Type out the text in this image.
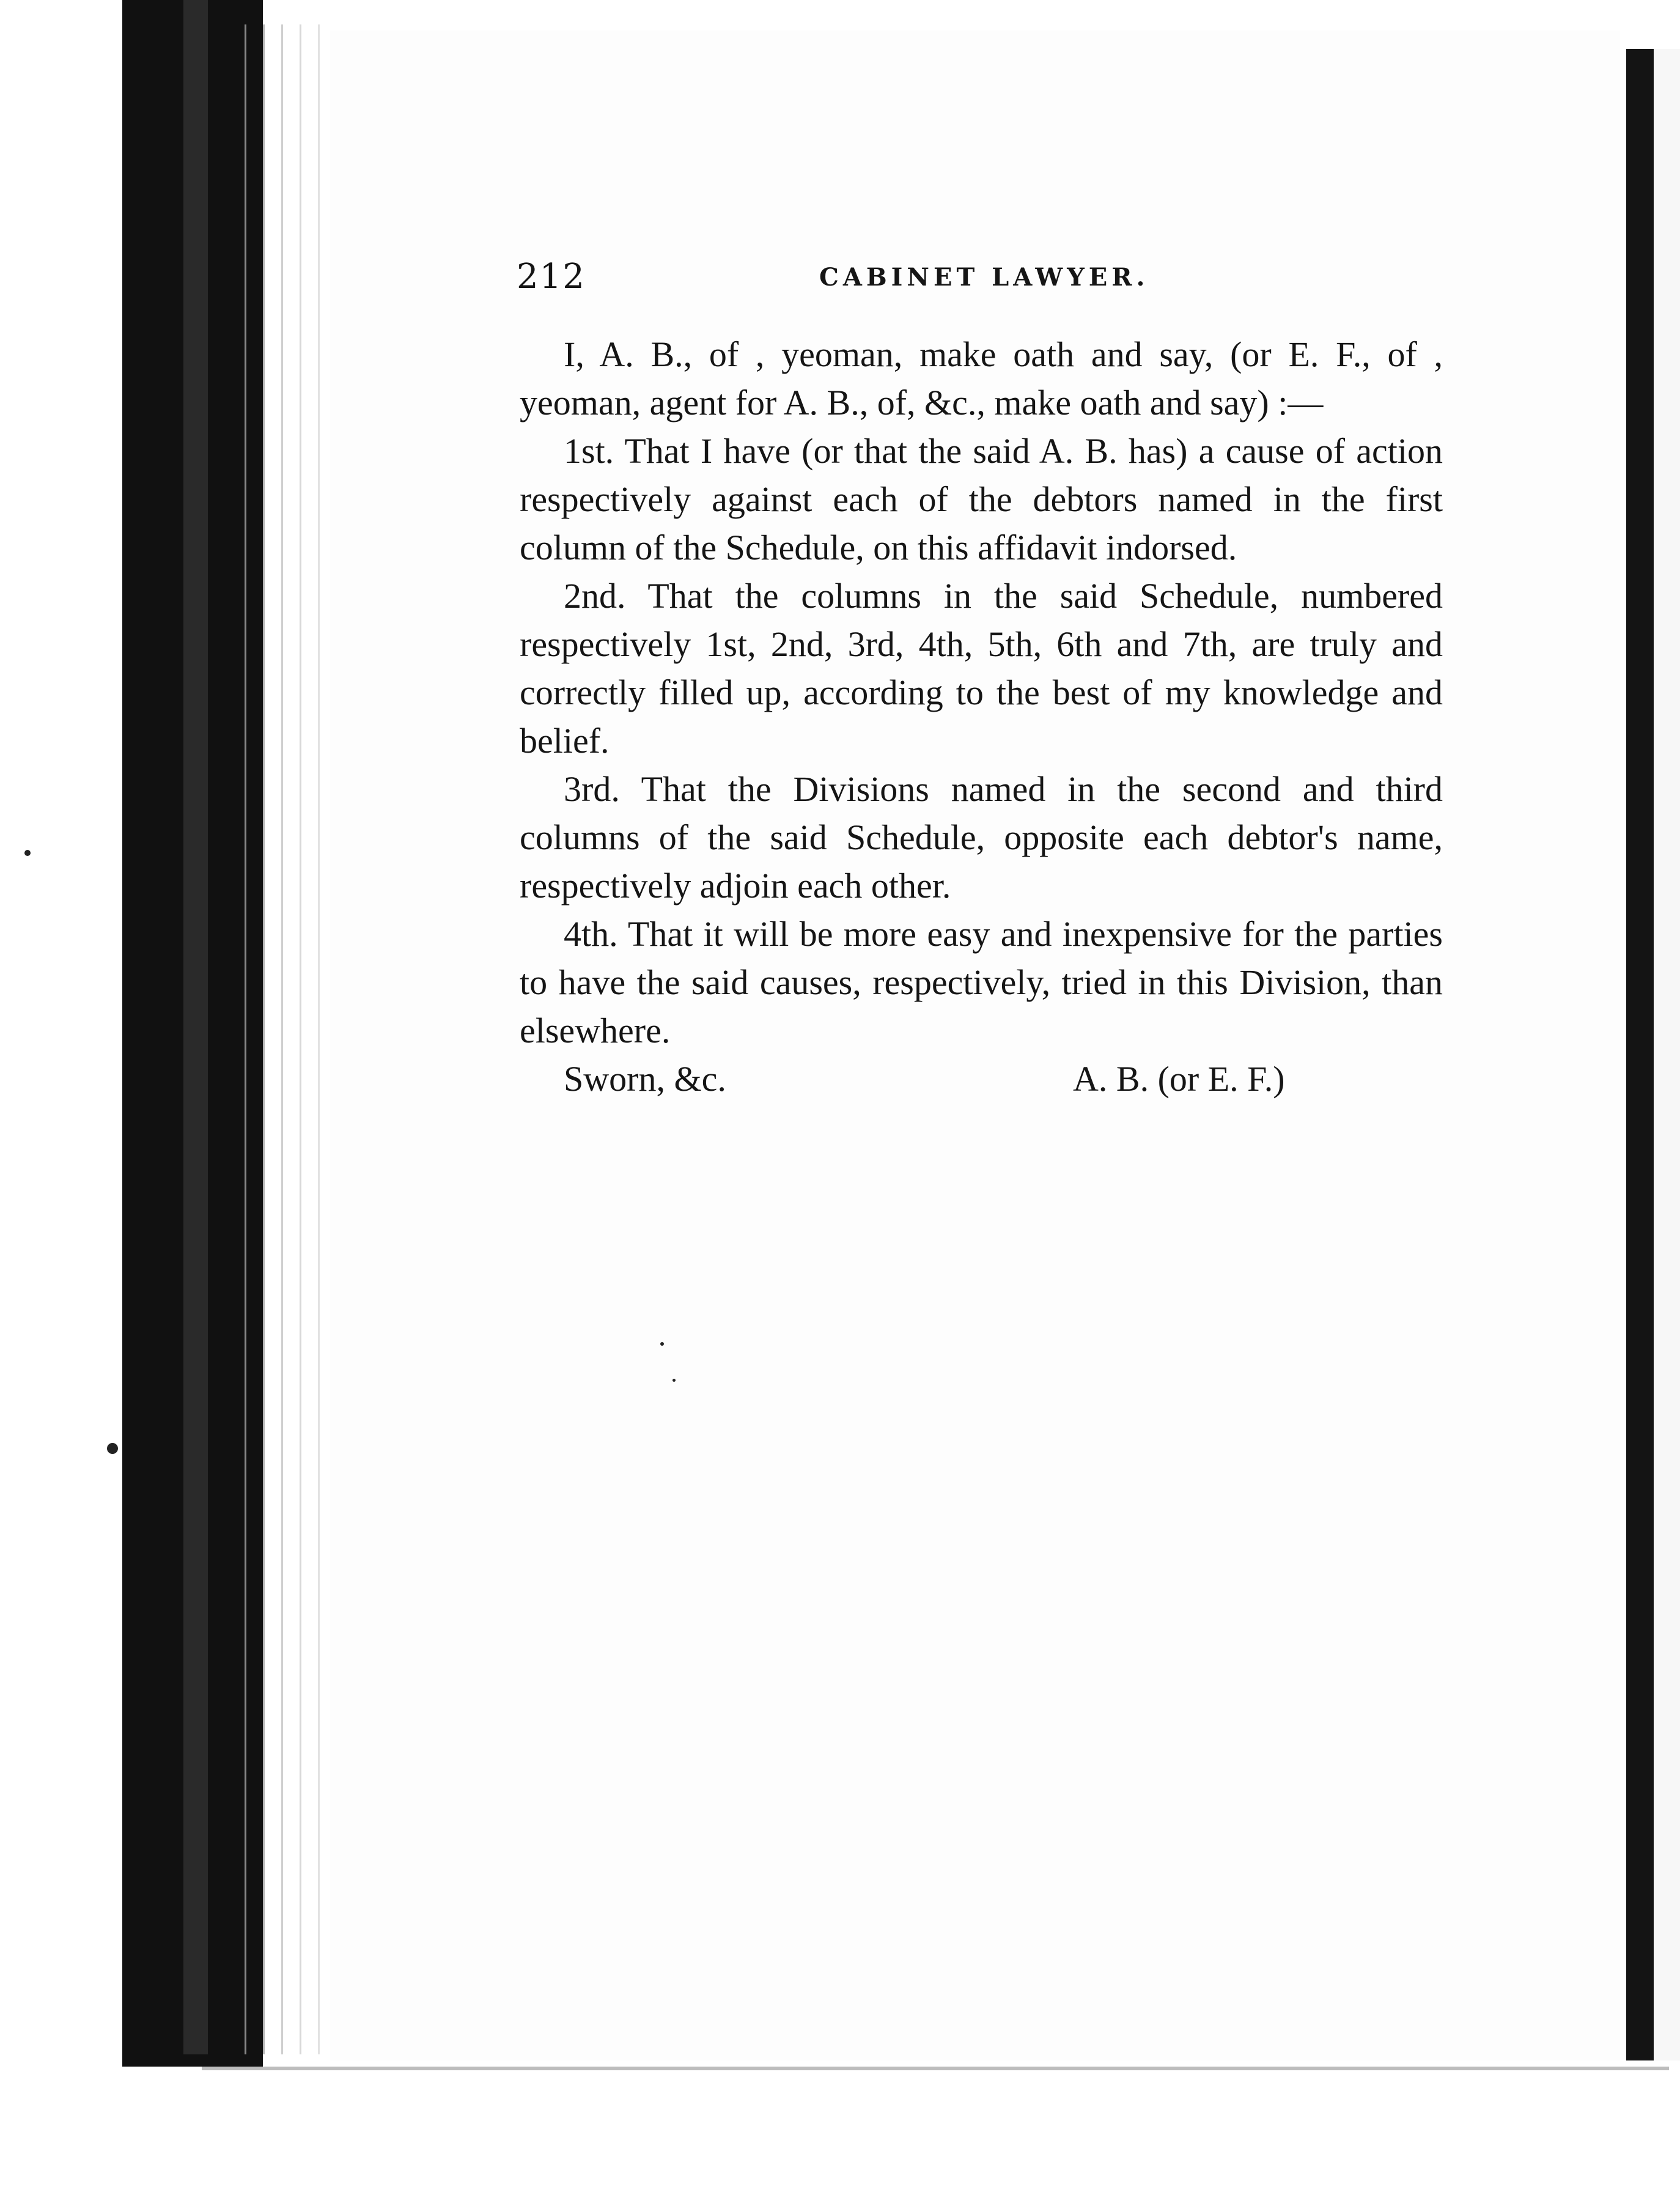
212	CABINET LAWYER.

I, A. B., of , yeoman, make oath and say, (or E. F., of , yeoman, agent for A. B., of, &c., make oath and say) :—

1st. That I have (or that the said A. B. has) a cause of action respectively against each of the debtors named in the first column of the Schedule, on this affidavit indorsed.

2nd. That the columns in the said Schedule, numbered respectively 1st, 2nd, 3rd, 4th, 5th, 6th and 7th, are truly and correctly filled up, according to the best of my knowledge and belief.

3rd. That the Divisions named in the second and third columns of the said Schedule, opposite each debtor's name, respectively adjoin each other.

4th. That it will be more easy and inexpensive for the parties to have the said causes, respectively, tried in this Division, than elsewhere.

Sworn, &c.	A. B. (or E. F.)
